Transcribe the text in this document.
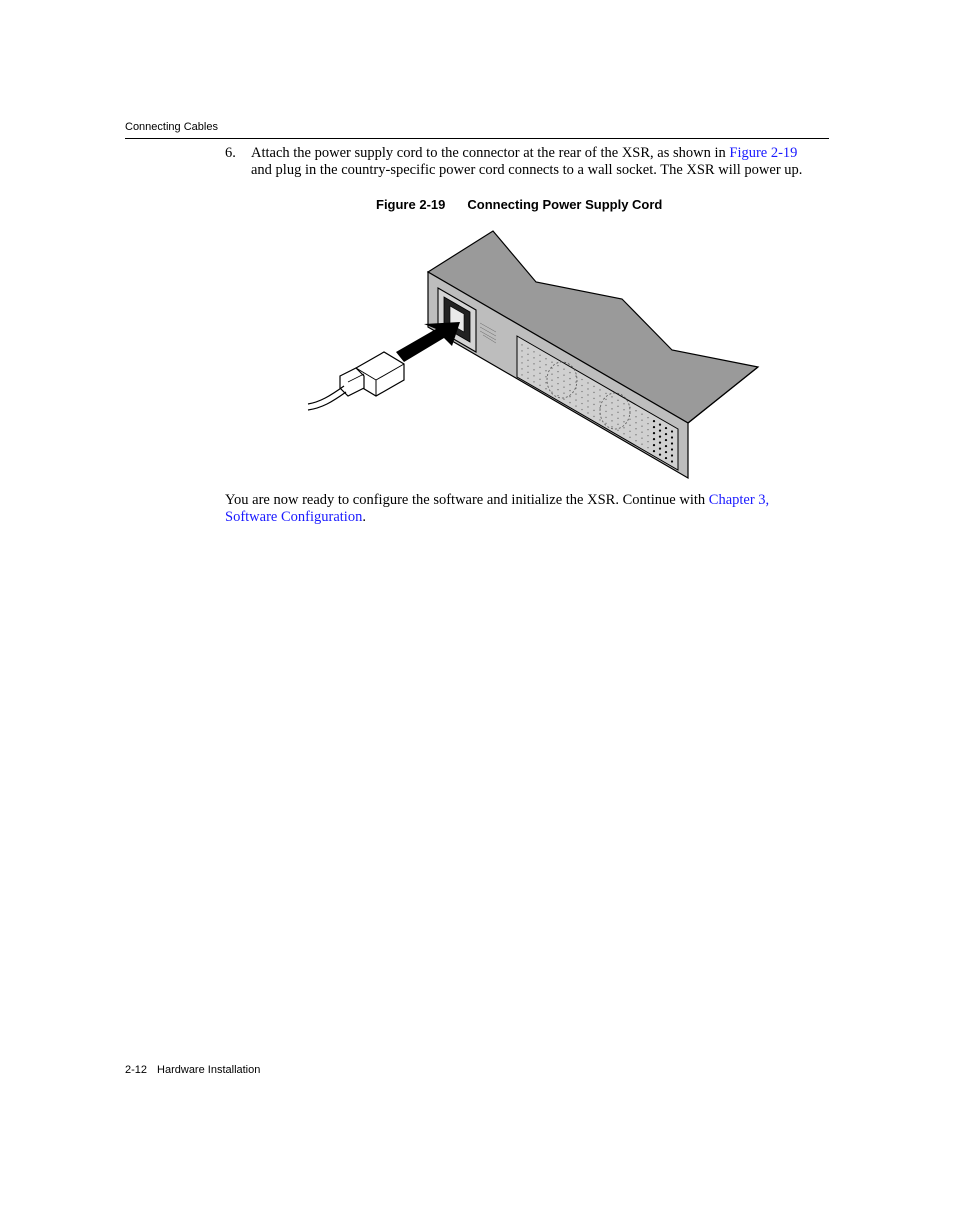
Connecting Cables
6. Attach the power supply cord to the connector at the rear of the XSR, as shown in Figure 2-19
and plug in the country-specific power cord connects to a wall socket. The XSR will power up.
Figure 2-19 Connecting Power Supply Cord
You are now ready to configure the software and initialize the XSR. Continue with Chapter 3,
Software Configuration.
2-12 Hardware Installation
